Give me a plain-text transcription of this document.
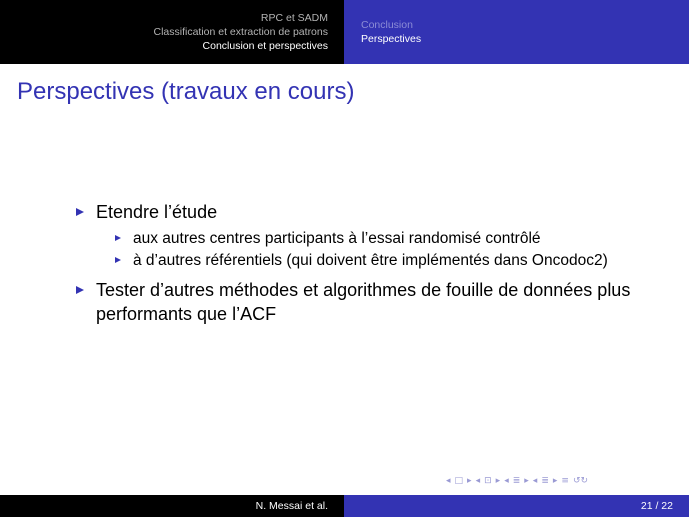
RPC et SADM
Classification et extraction de patrons
Conclusion et perspectives
Conclusion
Perspectives
Perspectives (travaux en cours)
Etendre l’étude
aux autres centres participants à l’essai randomisé contrôlé
à d’autres référentiels (qui doivent être implémentés dans Oncodoc2)
Tester d’autres méthodes et algorithmes de fouille de données plus performants que l’ACF
◂ □ ▸ ◂ ⊡ ▸ ◂ ≣ ▸ ◂ ≣ ▸ ≡ ↺↻
N. Messai et al.	21 / 22
